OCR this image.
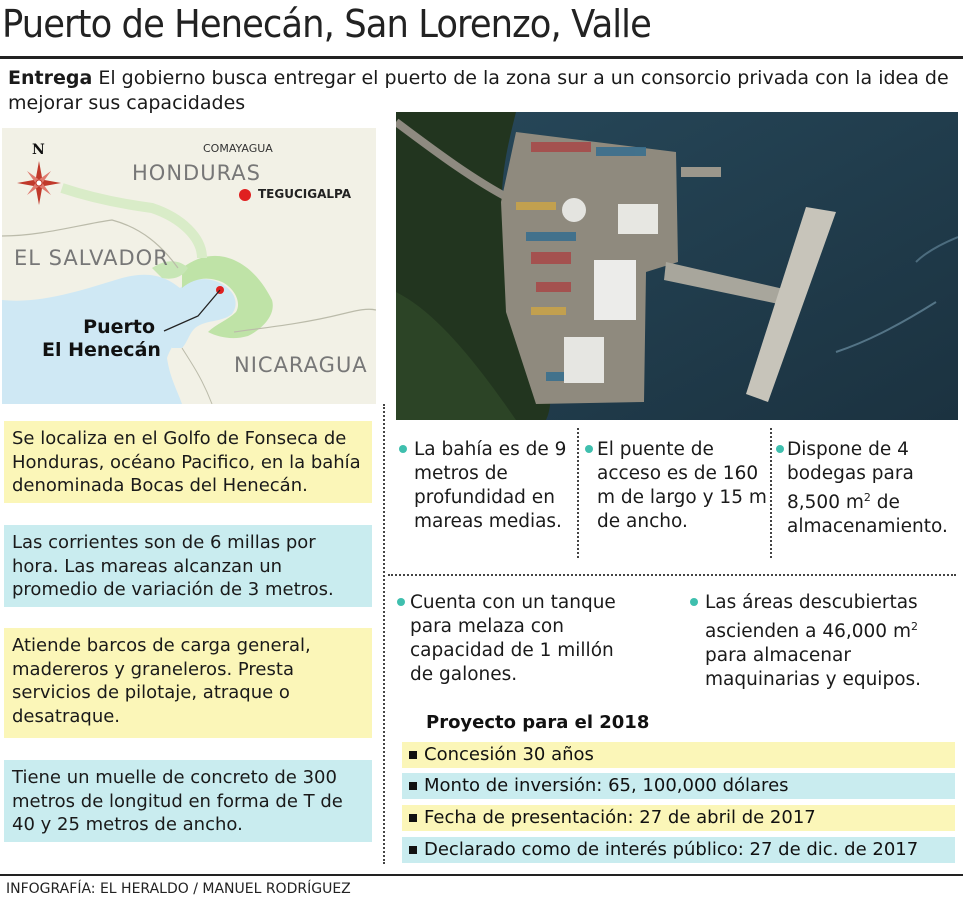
Puerto de Henecán, San Lorenzo, Valle
Entrega El gobierno busca entregar el puerto de la zona sur a un consorcio privada con la idea de mejorar sus capacidades
N	COMAYAGUA
HONDURAS
TEGUCIGALPA
EL SALVADOR
NICARAGUA
Puerto
El Henecán
Se localiza en el Golfo de Fonseca de Honduras, océano Pacifico, en la bahía denominada Bocas del Henecán.
Las corrientes son de 6 millas por hora. Las mareas alcanzan un promedio de variación de 3 metros.
Atiende barcos de carga general, madereros y graneleros. Presta servicios de pilotaje, atraque o desatraque.
Tiene un muelle de concreto de 300 metros de longitud en forma de T de 40 y 25 metros de ancho.
La bahía es de 9 metros de profundidad en mareas medias.
El puente de acceso es de 160 m de largo y 15 m de ancho.
Dispone de 4 bodegas para 8,500 $m^2$ de almacenamiento.
Cuenta con un tanque para melaza con capacidad de 1 millón de galones.
Las áreas descubiertas ascienden a 46,000 $m^2$ para almacenar maquinarias y equipos.
Proyecto para el 2018
Concesión 30 años
Monto de inversión: 65, 100,000 dólares
Fecha de presentación: 27 de abril de 2017
Declarado como de interés público: 27 de dic. de 2017
INFOGRAFÍA: EL HERALDO / MANUEL RODRÍGUEZ
